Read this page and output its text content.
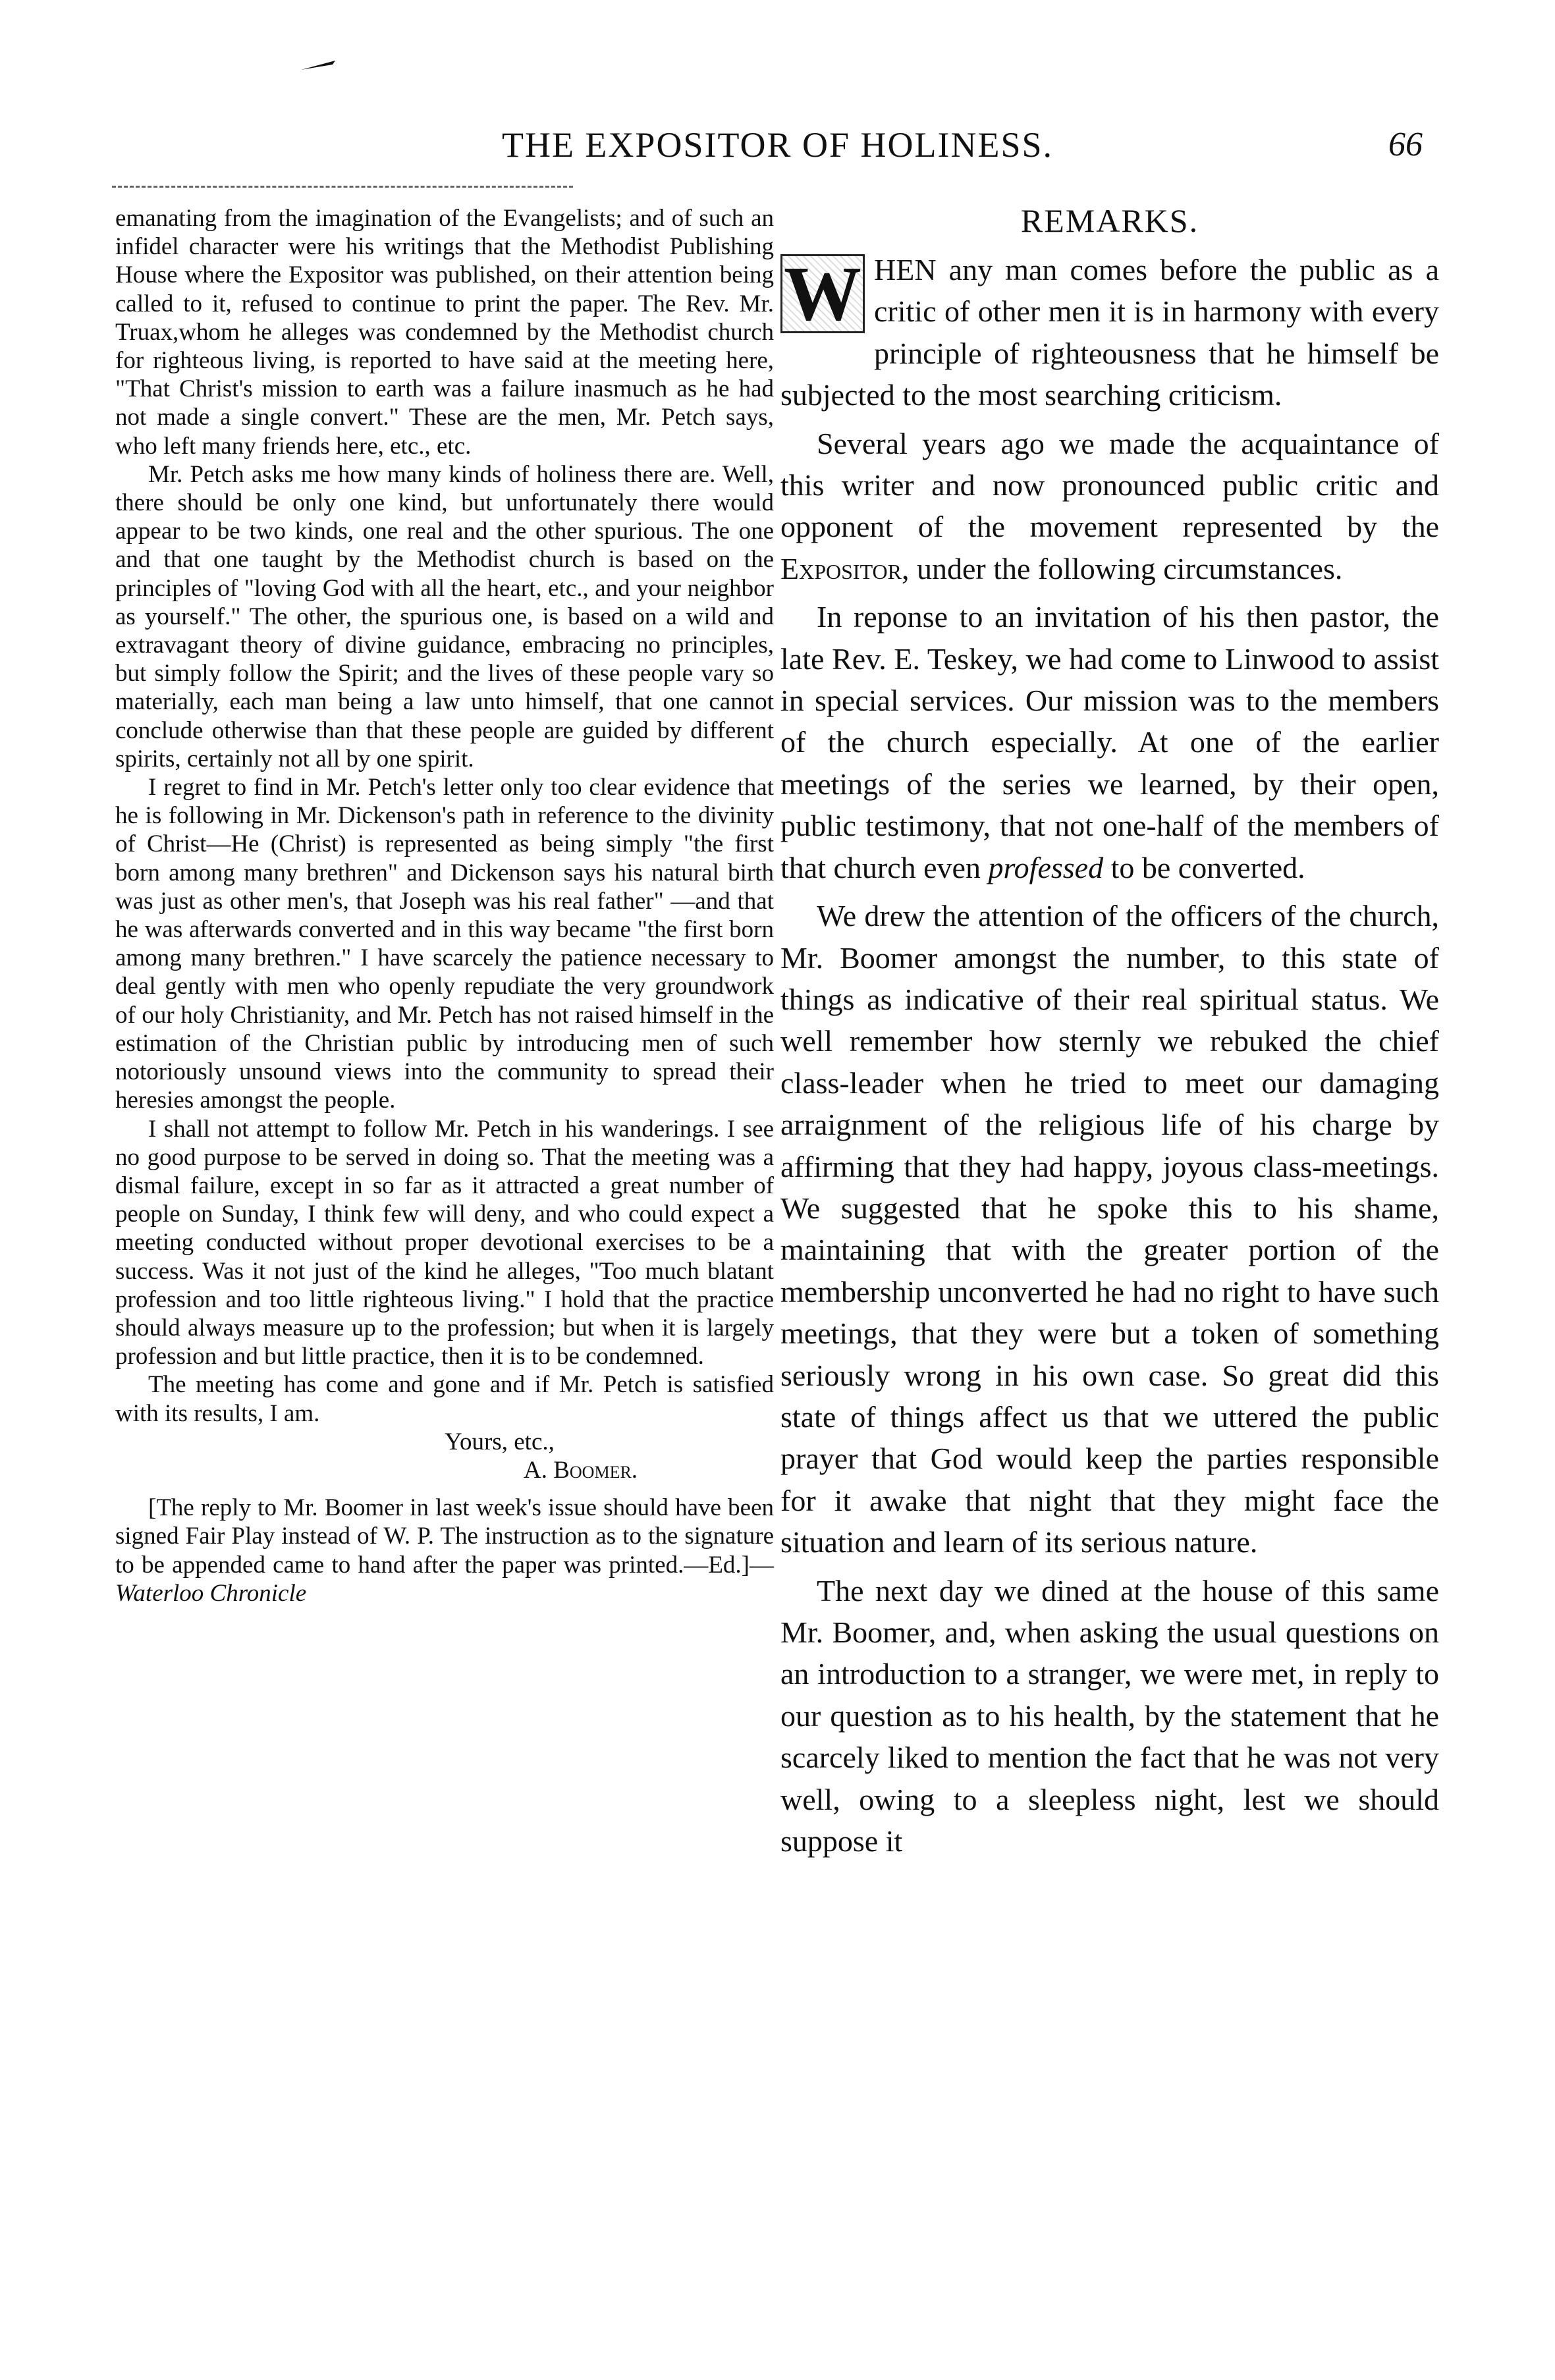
THE EXPOSITOR OF HOLINESS.	66

emanating from the imagination of the Evangelists; and of such an infidel character were his writings that the Methodist Publishing House where the Expositor was published, on their attention being called to it, refused to continue to print the paper. The Rev. Mr. Truax,whom he alleges was condemned by the Methodist church for righteous living, is reported to have said at the meeting here, "That Christ's mission to earth was a failure inasmuch as he had not made a single convert." These are the men, Mr. Petch says, who left many friends here, etc., etc.

Mr. Petch asks me how many kinds of holiness there are. Well, there should be only one kind, but unfortunately there would appear to be two kinds, one real and the other spurious. The one and that one taught by the Methodist church is based on the principles of "loving God with all the heart, etc., and your neighbor as yourself." The other, the spurious one, is based on a wild and extravagant theory of divine guidance, embracing no principles, but simply follow the Spirit; and the lives of these people vary so materially, each man being a law unto himself, that one cannot conclude otherwise than that these people are guided by different spirits, certainly not all by one spirit.

I regret to find in Mr. Petch's letter only too clear evidence that he is following in Mr. Dickenson's path in reference to the divinity of Christ—He (Christ) is represented as being simply "the first born among many brethren" and Dickenson says his natural birth was just as other men's, that Joseph was his real father" —and that he was afterwards converted and in this way became "the first born among many brethren." I have scarcely the patience necessary to deal gently with men who openly repudiate the very groundwork of our holy Christianity, and Mr. Petch has not raised himself in the estimation of the Christian public by introducing men of such notoriously unsound views into the community to spread their heresies amongst the people.

I shall not attempt to follow Mr. Petch in his wanderings. I see no good purpose to be served in doing so. That the meeting was a dismal failure, except in so far as it attracted a great number of people on Sunday, I think few will deny, and who could expect a meeting conducted without proper devotional exercises to be a success. Was it not just of the kind he alleges, "Too much blatant profession and too little righteous living." I hold that the practice should always measure up to the profession; but when it is largely profession and but little practice, then it is to be condemned.

The meeting has come and gone and if Mr. Petch is satisfied with its results, I am.

Yours, etc.,
A. Boomer.

[The reply to Mr. Boomer in last week's issue should have been signed Fair Play instead of W. P. The instruction as to the signature to be appended came to hand after the paper was printed.—Ed.]— Waterloo Chronicle

REMARKS.

W HEN any man comes before the public as a critic of other men it is in harmony with every principle of righteousness that he himself be subjected to the most searching criticism.

Several years ago we made the acquaintance of this writer and now pronounced public critic and opponent of the movement represented by the Expositor, under the following circumstances.

In reponse to an invitation of his then pastor, the late Rev. E. Teskey, we had come to Linwood to assist in special services. Our mission was to the members of the church especially. At one of the earlier meetings of the series we learned, by their open, public testimony, that not one-half of the members of that church even professed to be converted.

We drew the attention of the officers of the church, Mr. Boomer amongst the number, to this state of things as indicative of their real spiritual status. We well remember how sternly we rebuked the chief class-leader when he tried to meet our damaging arraignment of the religious life of his charge by affirming that they had happy, joyous class-meetings. We suggested that he spoke this to his shame, maintaining that with the greater portion of the membership unconverted he had no right to have such meetings, that they were but a token of something seriously wrong in his own case. So great did this state of things affect us that we uttered the public prayer that God would keep the parties responsible for it awake that night that they might face the situation and learn of its serious nature.

The next day we dined at the house of this same Mr. Boomer, and, when asking the usual questions on an introduction to a stranger, we were met, in reply to our question as to his health, by the statement that he scarcely liked to mention the fact that he was not very well, owing to a sleepless night, lest we should suppose it
